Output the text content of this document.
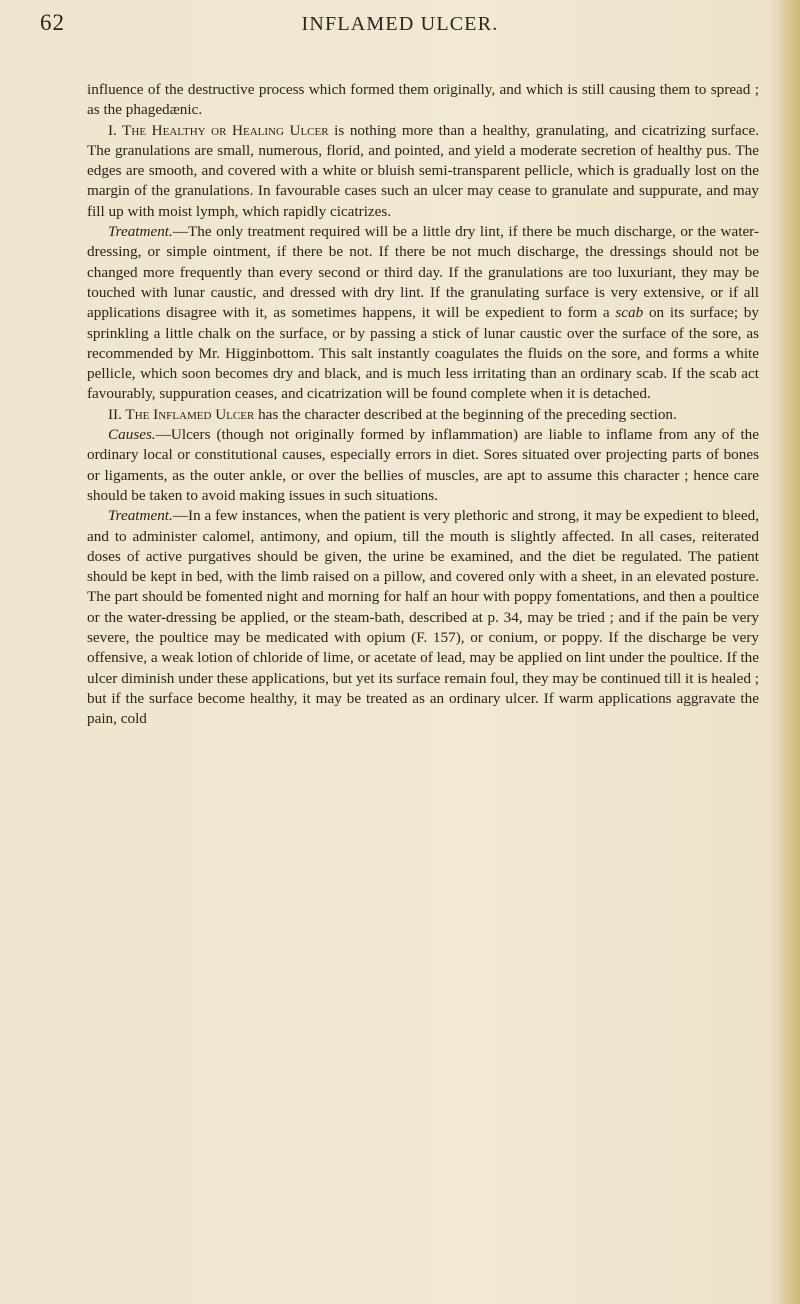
62	INFLAMED ULCER.

influence of the destructive process which formed them originally, and which is still causing them to spread ; as the phagedænic.

I. The Healthy or Healing Ulcer is nothing more than a healthy, granulating, and cicatrizing surface. The granulations are small, numerous, florid, and pointed, and yield a moderate secretion of healthy pus. The edges are smooth, and covered with a white or bluish semi-transparent pellicle, which is gradually lost on the margin of the granulations. In favourable cases such an ulcer may cease to granulate and suppurate, and may fill up with moist lymph, which rapidly cicatrizes.

Treatment.—The only treatment required will be a little dry lint, if there be much discharge, or the water-dressing, or simple ointment, if there be not. If there be not much discharge, the dressings should not be changed more frequently than every second or third day. If the granulations are too luxuriant, they may be touched with lunar caustic, and dressed with dry lint. If the granulating surface is very extensive, or if all applications disagree with it, as sometimes happens, it will be expedient to form a scab on its surface; by sprinkling a little chalk on the surface, or by passing a stick of lunar caustic over the surface of the sore, as recommended by Mr. Higginbottom. This salt instantly coagulates the fluids on the sore, and forms a white pellicle, which soon becomes dry and black, and is much less irritating than an ordinary scab. If the scab act favourably, suppuration ceases, and cicatrization will be found complete when it is detached.

II. The Inflamed Ulcer has the character described at the beginning of the preceding section.

Causes.—Ulcers (though not originally formed by inflammation) are liable to inflame from any of the ordinary local or constitutional causes, especially errors in diet. Sores situated over projecting parts of bones or ligaments, as the outer ankle, or over the bellies of muscles, are apt to assume this character ; hence care should be taken to avoid making issues in such situations.

Treatment.—In a few instances, when the patient is very plethoric and strong, it may be expedient to bleed, and to administer calomel, antimony, and opium, till the mouth is slightly affected. In all cases, reiterated doses of active purgatives should be given, the urine be examined, and the diet be regulated. The patient should be kept in bed, with the limb raised on a pillow, and covered only with a sheet, in an elevated posture. The part should be fomented night and morning for half an hour with poppy fomentations, and then a poultice or the water-dressing be applied, or the steam-bath, described at p. 34, may be tried ; and if the pain be very severe, the poultice may be medicated with opium (F. 157), or conium, or poppy. If the discharge be very offensive, a weak lotion of chloride of lime, or acetate of lead, may be applied on lint under the poultice. If the ulcer diminish under these applications, but yet its surface remain foul, they may be continued till it is healed ; but if the surface become healthy, it may be treated as an ordinary ulcer. If warm applications aggravate the pain, cold
